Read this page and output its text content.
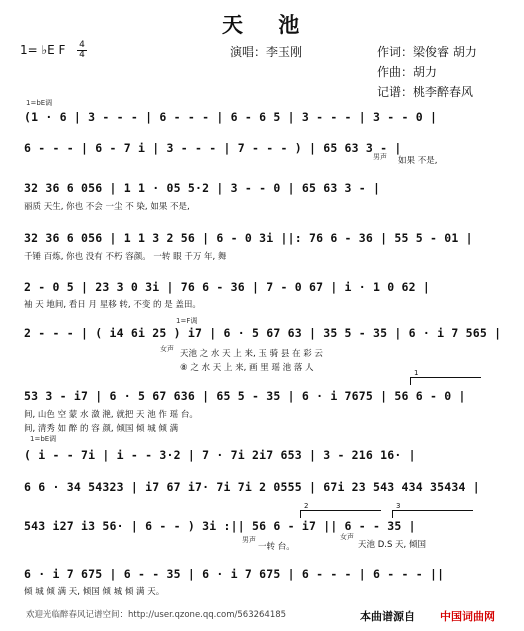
天 池
1= ♭E F 4
4	演唱：李玉刚	作词：梁俊睿 胡力
作曲：胡力
记谱：桃李醉春风
1=bE调
(1 · 6 | 3 - - - | 6 - - - | 6 - 6 5 | 3 - - - | 3 - - 0 |
6 - - - | 6 - 7 i | 3 - - - | 7 - - - ) | 65 63 3 - |
男声 如果 不是,
32 36 6 056 | 1 1 · 05 5·2 | 3 - - 0 | 65 63 3 - |
丽质 天生, 你也 不会 一尘 不 染, 如果 不是,
32 36 6 056 | 1 1 3 2 56 | 6 - 0 3i ||: 76 6 - 36 | 55 5 - 01 |
千锤 百炼, 你也 没有 不朽 容颜。 一转 眼 千万 年, 舞
2 - 0 5 | 23 3 0 3i | 76 6 - 36 | 7 - 0 67 | i · 1 0 62 |
袖 天 地间, 看日 月 星移 转, 不变 的 是 盖田。
1=F调
2 - - - | ( i4 6i 25 ) i7 | 6 · 5 67 63 | 35 5 - 35 | 6 · i 7 565 |
女声 天池 之 水 天 上 来, 玉 骑 县 在 彩 云
⑧ 之 水 天 上 来, 画 里 瑶 池 落 人	1
53 3 - i7 | 6 · 5 67 636 | 65 5 - 35 | 6 · i 7675 | 56 6 - 0 |
间, 山色 空 蒙 水 潋 滟, 就把 天 池 作 瑶 台。
间, 清秀 如 醉 的 容 颜, 倾国 倾 城 倾 满
1=bE调
( i - - 7i | i - - 3·2 | 7 · 7i 2i7 653 | 3 - 216 16· |
6 6 · 34 54323 | i7 67 i7· 7i 7i 2 0555 | 67i 23 543 434 35434 |
2	3
543 i27 i3 56· | 6 - - ) 3i :|| 56 6 - i7 || 6 - - 35 |
男声
一转 台。
女声
天池 D.S 天, 倾国
6 · i 7 675 | 6 - - 35 | 6 · i 7 675 | 6 - - - | 6 - - - ||
倾 城 倾 满 天, 倾国 倾 城 倾 满 天。
欢迎光临醉春风记谱空间：http://user.qzone.qq.com/563264185	本曲谱源自 中国词曲网
